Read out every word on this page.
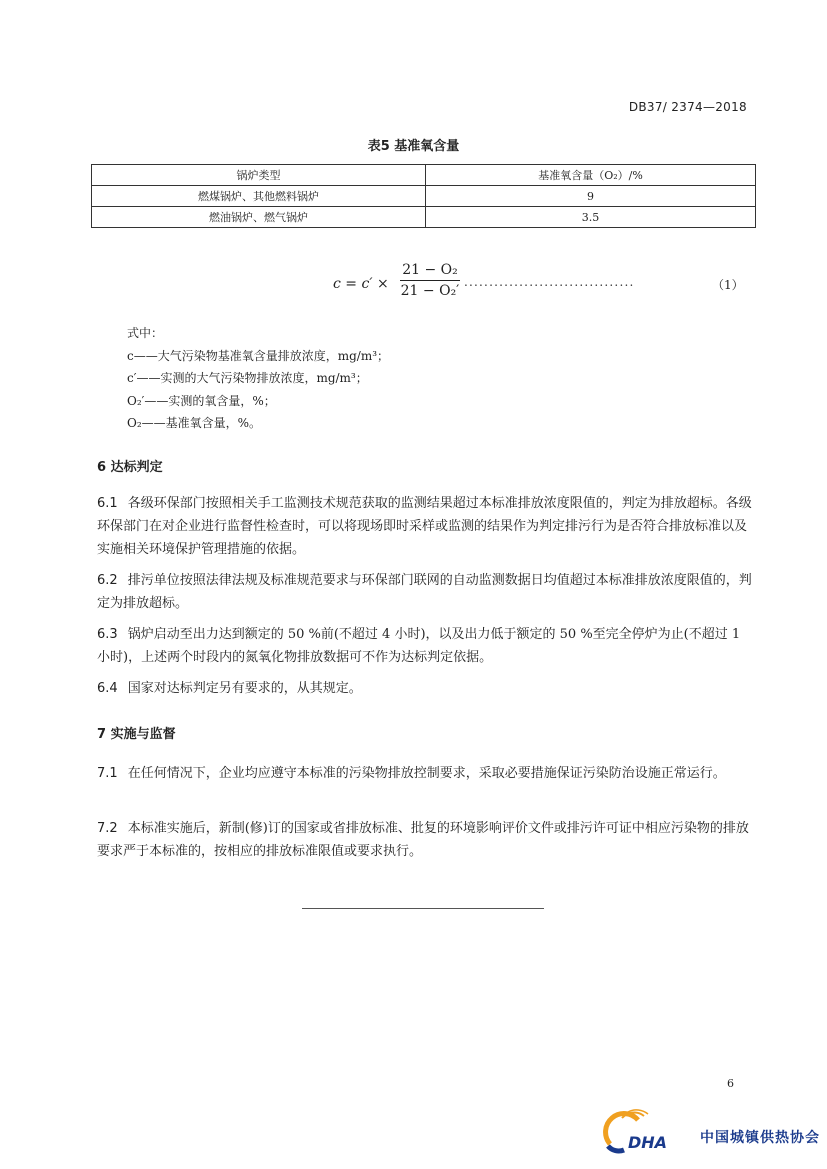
DB37/ 2374—2018
表5 基准氧含量
锅炉类型	基准氧含量（O₂）/%
燃煤锅炉、其他燃料锅炉	9
燃油锅炉、燃气锅炉	3.5
$c = c' \times \frac{\text{21 − O₂}}{\text{21 − O₂′}}$ ..................................	（1）
式中：
c——大气污染物基准氧含量排放浓度，mg/m³；
c′——实测的大气污染物排放浓度，mg/m³；
O₂′——实测的氧含量，%；
O₂——基准氧含量，%。
6 达标判定
6.1 各级环保部门按照相关手工监测技术规范获取的监测结果超过本标准排放浓度限值的，判定为排放超标。各级环保部门在对企业进行监督性检查时，可以将现场即时采样或监测的结果作为判定排污行为是否符合排放标准以及实施相关环境保护管理措施的依据。
6.2 排污单位按照法律法规及标准规范要求与环保部门联网的自动监测数据日均值超过本标准排放浓度限值的，判定为排放超标。
6.3 锅炉启动至出力达到额定的 50 %前(不超过 4 小时)，以及出力低于额定的 50 %至完全停炉为止(不超过 1 小时)，上述两个时段内的氮氧化物排放数据可不作为达标判定依据。
6.4 国家对达标判定另有要求的，从其规定。
7 实施与监督
7.1 在任何情况下，企业均应遵守本标准的污染物排放控制要求，采取必要措施保证污染防治设施正常运行。
7.2 本标准实施后，新制(修)订的国家或省排放标准、批复的环境影响评价文件或排污许可证中相应污染物的排放要求严于本标准的，按相应的排放标准限值或要求执行。
6
DHA 中国城镇供热协会
